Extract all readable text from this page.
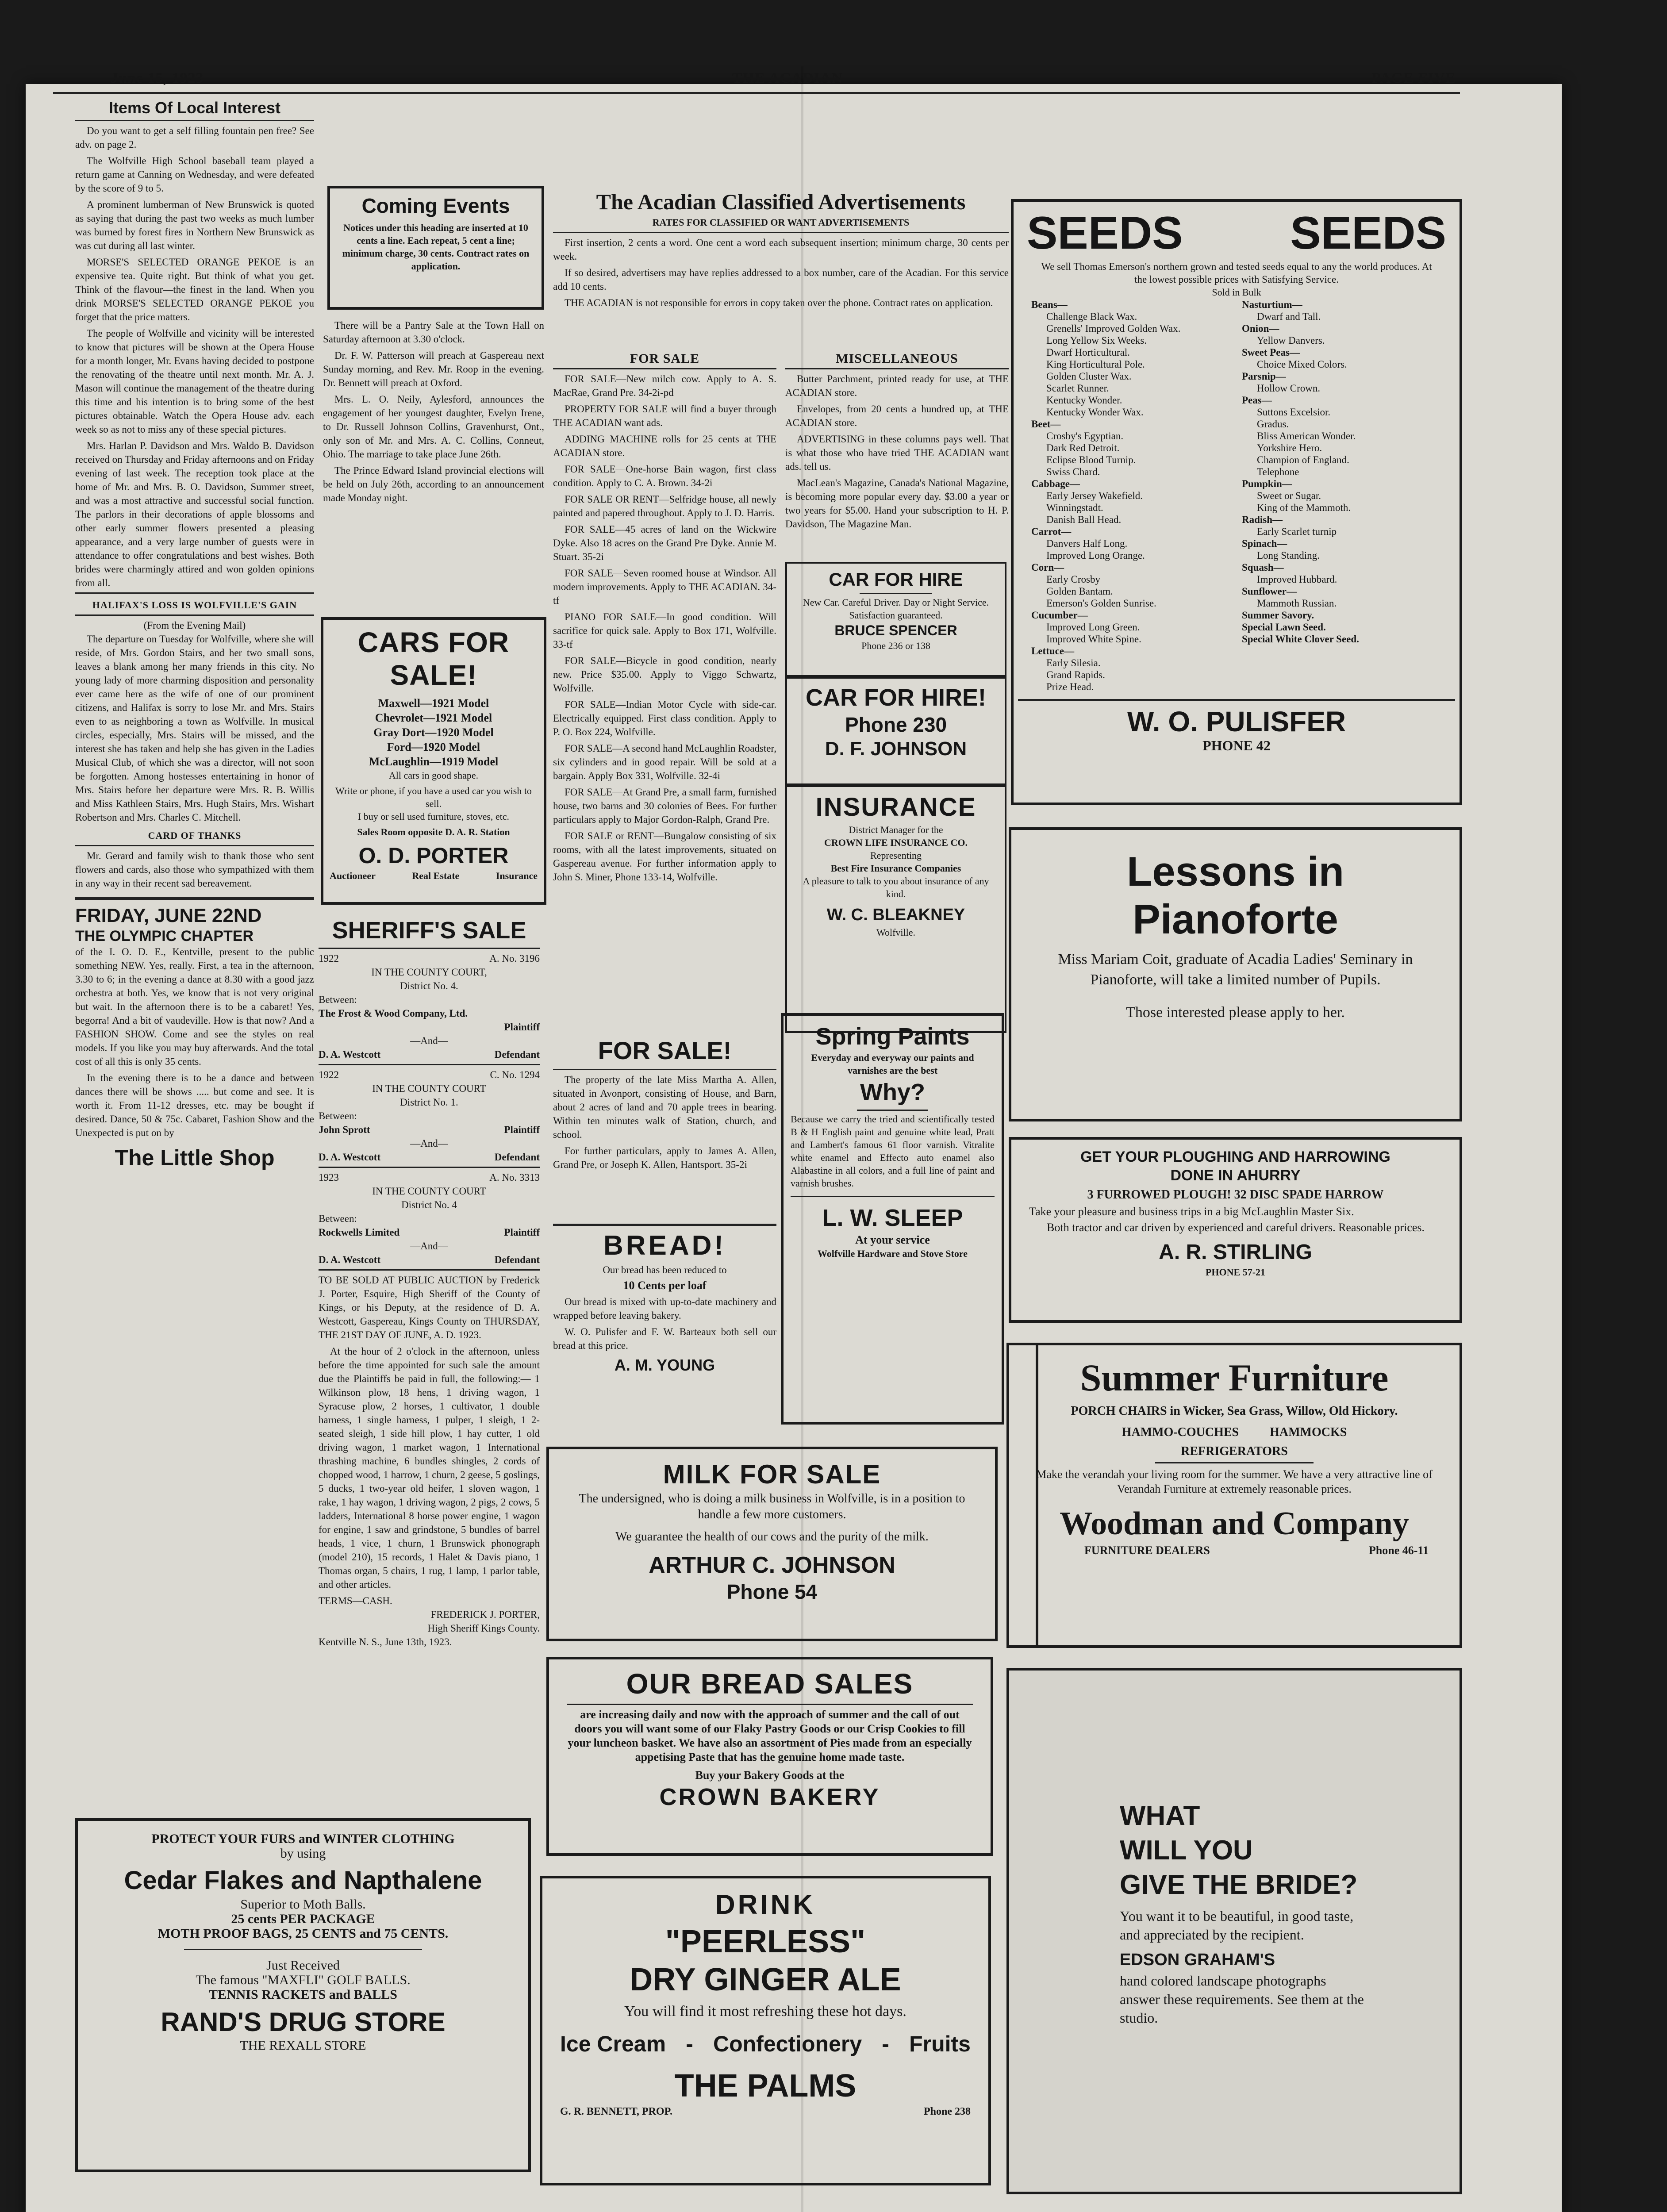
June 15, 1923	THE ACADIAN	PAGE FIVE
Items Of Local Interest

Do you want to get a self filling fountain pen free? See adv. on page 2.

The Wolfville High School baseball team played a return game at Canning on Wednesday, and were defeated by the score of 9 to 5.

A prominent lumberman of New Brunswick is quoted as saying that during the past two weeks as much lumber was burned by forest fires in Northern New Brunswick as was cut during all last winter.

MORSE'S SELECTED ORANGE PEKOE is an expensive tea. Quite right. But think of what you get. Think of the flavour—the finest in the land. When you drink MORSE'S SELECTED ORANGE PEKOE you forget that the price matters.

The people of Wolfville and vicinity will be interested to know that pictures will be shown at the Opera House for a month longer, Mr. Evans having decided to postpone the renovating of the theatre until next month. Mr. A. J. Mason will continue the management of the theatre during this time and his intention is to bring some of the best pictures obtainable. Watch the Opera House adv. each week so as not to miss any of these special pictures.

Mrs. Harlan P. Davidson and Mrs. Waldo B. Davidson received on Thursday and Friday afternoons and on Friday evening of last week. The reception took place at the home of Mr. and Mrs. B. O. Davidson, Summer street, and was a most attractive and successful social function. The parlors in their decorations of apple blossoms and other early summer flowers presented a pleasing appearance, and a very large number of guests were in attendance to offer congratulations and best wishes. Both brides were charmingly attired and won golden opinions from all.

HALIFAX'S LOSS IS WOLFVILLE'S GAIN
(From the Evening Mail)

The departure on Tuesday for Wolfville, where she will reside, of Mrs. Gordon Stairs, and her two small sons, leaves a blank among her many friends in this city. No young lady of more charming disposition and personality ever came here as the wife of one of our prominent citizens, and Halifax is sorry to lose Mr. and Mrs. Stairs even to as neighboring a town as Wolfville. In musical circles, especially, Mrs. Stairs will be missed, and the interest she has taken and help she has given in the Ladies Musical Club, of which she was a director, will not soon be forgotten. Among hostesses entertaining in honor of Mrs. Stairs before her departure were Mrs. R. B. Willis and Miss Kathleen Stairs, Mrs. Hugh Stairs, Mrs. Wishart Robertson and Mrs. Charles C. Mitchell.

CARD OF THANKS

Mr. Gerard and family wish to thank those who sent flowers and cards, also those who sympathized with them in any way in their recent sad bereavement.

FRIDAY, JUNE 22ND
THE OLYMPIC CHAPTER

of the I. O. D. E., Kentville, present to the public something NEW. Yes, really. First, a tea in the afternoon, 3.30 to 6; in the evening a dance at 8.30 with a good jazz orchestra at both. Yes, we know that is not very original but wait. In the afternoon there is to be a cabaret! Yes, begorra! And a bit of vaudeville. How is that now? And a FASHION SHOW. Come and see the styles on real models. If you like you may buy afterwards. And the total cost of all this is only 35 cents.

In the evening there is to be a dance and between dances there will be shows ..... but come and see. It is worth it. From 11-12 dresses, etc. may be bought if desired. Dance, 50 & 75c. Cabaret, Fashion Show and the Unexpected is put on by

The Little Shop
Coming Events
Notices under this heading are inserted at 10 cents a line. Each repeat, 5 cent a line; minimum charge, 30 cents. Contract rates on application.

There will be a Pantry Sale at the Town Hall on Saturday afternoon at 3.30 o'clock.

Dr. F. W. Patterson will preach at Gaspereau next Sunday morning, and Rev. Mr. Roop in the evening. Dr. Bennett will preach at Oxford.

Mrs. L. O. Neily, Aylesford, announces the engagement of her youngest daughter, Evelyn Irene, to Dr. Russell Johnson Collins, Gravenhurst, Ont., only son of Mr. and Mrs. A. C. Collins, Conneut, Ohio. The marriage to take place June 26th.

The Prince Edward Island provincial elections will be held on July 26th, according to an announcement made Monday night.

CARS FOR SALE!
Maxwell—1921 Model
Chevrolet—1921 Model
Gray Dort—1920 Model
Ford—1920 Model
McLaughlin—1919 Model
All cars in good shape.
Write or phone, if you have a used car you wish to sell.
I buy or sell used furniture, stoves, etc.
Sales Room opposite D. A. R. Station
O. D. PORTER
Auctioneer	Real Estate	Insurance
SHERIFF'S SALE
1922	A. No. 3196
IN THE COUNTY COURT,
District No. 4.
Between:
The Frost & Wood Company, Ltd.
Plaintiff
—And—
D. A. Westcott	Defendant
1922	C. No. 1294
IN THE COUNTY COURT
District No. 1.
Between:
John Sprott	Plaintiff
—And—
D. A. Westcott	Defendant
1923	A. No. 3313
IN THE COUNTY COURT
District No. 4
Between:
Rockwells Limited	Plaintiff
—And—
D. A. Westcott	Defendant

TO BE SOLD AT PUBLIC AUCTION by Frederick J. Porter, Esquire, High Sheriff of the County of Kings, or his Deputy, at the residence of D. A. Westcott, Gaspereau, Kings County on THURSDAY, THE 21ST DAY OF JUNE, A. D. 1923.

At the hour of 2 o'clock in the afternoon, unless before the time appointed for such sale the amount due the Plaintiffs be paid in full, the following:— 1 Wilkinson plow, 18 hens, 1 driving wagon, 1 Syracuse plow, 2 horses, 1 cultivator, 1 double harness, 1 single harness, 1 pulper, 1 sleigh, 1 2-seated sleigh, 1 side hill plow, 1 hay cutter, 1 old driving wagon, 1 market wagon, 1 International thrashing machine, 6 bundles shingles, 2 cords of chopped wood, 1 harrow, 1 churn, 2 geese, 5 goslings, 5 ducks, 1 two-year old heifer, 1 sloven wagon, 1 rake, 1 hay wagon, 1 driving wagon, 2 pigs, 2 cows, 5 ladders, International 8 horse power engine, 1 wagon for engine, 1 saw and grindstone, 5 bundles of barrel heads, 1 vice, 1 churn, 1 Brunswick phonograph (model 210), 15 records, 1 Halet & Davis piano, 1 Thomas organ, 5 chairs, 1 rug, 1 lamp, 1 parlor table, and other articles.

TERMS—CASH.
FREDERICK J. PORTER,
High Sheriff Kings County.
Kentville N. S., June 13th, 1923.
PROTECT YOUR FURS and WINTER CLOTHING
by using
Cedar Flakes and Napthalene
Superior to Moth Balls.
25 cents PER PACKAGE
MOTH PROOF BAGS, 25 CENTS and 75 CENTS.
Just Received
The famous "MAXFLI" GOLF BALLS.
TENNIS RACKETS and BALLS
RAND'S DRUG STORE
THE REXALL STORE
The Acadian Classified Advertisements
RATES FOR CLASSIFIED OR WANT ADVERTISEMENTS

First insertion, 2 cents a word. One cent a word each subsequent insertion; minimum charge, 30 cents per week.

If so desired, advertisers may have replies addressed to a box number, care of the Acadian. For this service add 10 cents.

THE ACADIAN is not responsible for errors in copy taken over the phone. Contract rates on application.

FOR SALE

FOR SALE—New milch cow. Apply to A. S. MacRae, Grand Pre. 34-2i-pd

PROPERTY FOR SALE will find a buyer through THE ACADIAN want ads.

ADDING MACHINE rolls for 25 cents at THE ACADIAN store.

FOR SALE—One-horse Bain wagon, first class condition. Apply to C. A. Brown. 34-2i

FOR SALE OR RENT—Selfridge house, all newly painted and papered throughout. Apply to J. D. Harris.

FOR SALE—45 acres of land on the Wickwire Dyke. Also 18 acres on the Grand Pre Dyke. Annie M. Stuart. 35-2i

FOR SALE—Seven roomed house at Windsor. All modern improvements. Apply to THE ACADIAN. 34-tf

PIANO FOR SALE—In good condition. Will sacrifice for quick sale. Apply to Box 171, Wolfville. 33-tf

FOR SALE—Bicycle in good condition, nearly new. Price $35.00. Apply to Viggo Schwartz, Wolfville.

FOR SALE—Indian Motor Cycle with side-car. Electrically equipped. First class condition. Apply to P. O. Box 224, Wolfville.

FOR SALE—A second hand McLaughlin Roadster, six cylinders and in good repair. Will be sold at a bargain. Apply Box 331, Wolfville. 32-4i

FOR SALE—At Grand Pre, a small farm, furnished house, two barns and 30 colonies of Bees. For further particulars apply to Major Gordon-Ralph, Grand Pre.

FOR SALE or RENT—Bungalow consisting of six rooms, with all the latest improvements, situated on Gaspereau avenue. For further information apply to John S. Miner, Phone 133-14, Wolfville.

MISCELLANEOUS

Butter Parchment, printed ready for use, at THE ACADIAN store.

Envelopes, from 20 cents a hundred up, at THE ACADIAN store.

ADVERTISING in these columns pays well. That is what those who have tried THE ACADIAN want ads. tell us.

MacLean's Magazine, Canada's National Magazine, is becoming more popular every day. $3.00 a year or two years for $5.00. Hand your subscription to H. P. Davidson, The Magazine Man.

CAR FOR HIRE
New Car. Careful Driver. Day or Night Service. Satisfaction guaranteed.
BRUCE SPENCER
Phone 236 or 138
CAR FOR HIRE!
Phone 230
D. F. JOHNSON
INSURANCE
District Manager for the
CROWN LIFE INSURANCE CO.
Representing
Best Fire Insurance Companies
A pleasure to talk to you about insurance of any kind.
W. C. BLEAKNEY
Wolfville.
FOR SALE!

The property of the late Miss Martha A. Allen, situated in Avonport, consisting of House, and Barn, about 2 acres of land and 70 apple trees in bearing. Within ten minutes walk of Station, church, and school.

For further particulars, apply to James A. Allen, Grand Pre, or Joseph K. Allen, Hantsport. 35-2i

BREAD!
Our bread has been reduced to
10 Cents per loaf

Our bread is mixed with up-to-date machinery and wrapped before leaving bakery.

W. O. Pulisfer and F. W. Barteaux both sell our bread at this price.

A. M. YOUNG
Spring Paints
Everyday and everyway our paints and varnishes are the best
Why?
Because we carry the tried and scientifically tested B & H English paint and genuine white lead, Pratt and Lambert's famous 61 floor varnish. Vitralite white enamel and Effecto auto enamel also Alabastine in all colors, and a full line of paint and varnish brushes.
L. W. SLEEP
At your service
Wolfville Hardware and Stove Store
MILK FOR SALE
The undersigned, who is doing a milk business in Wolfville, is in a position to handle a few more customers.
We guarantee the health of our cows and the purity of the milk.
ARTHUR C. JOHNSON
Phone 54
OUR BREAD SALES
are increasing daily and now with the approach of summer and the call of out doors you will want some of our Flaky Pastry Goods or our Crisp Cookies to fill your luncheon basket. We have also an assortment of Pies made from an especially appetising Paste that has the genuine home made taste.
Buy your Bakery Goods at the
CROWN BAKERY
DRINK
"PEERLESS"
DRY GINGER ALE
You will find it most refreshing these hot days.
Ice Cream - Confectionery - Fruits
THE PALMS
G. R. BENNETT, PROP.	Phone 238
SEEDS SEEDS
We sell Thomas Emerson's northern grown and tested seeds equal to any the world produces. At the lowest possible prices with Satisfying Service.
Sold in Bulk
Beans—
Challenge Black Wax.
Grenells' Improved Golden Wax.
Long Yellow Six Weeks.
Dwarf Horticultural.
King Horticultural Pole.
Golden Cluster Wax.
Scarlet Runner.
Kentucky Wonder.
Kentucky Wonder Wax.
Beet—
Crosby's Egyptian.
Dark Red Detroit.
Eclipse Blood Turnip.
Swiss Chard.
Cabbage—
Early Jersey Wakefield.
Winningstadt.
Danish Ball Head.
Carrot—
Danvers Half Long.
Improved Long Orange.
Corn—
Early Crosby
Golden Bantam.
Emerson's Golden Sunrise.
Cucumber—
Improved Long Green.
Improved White Spine.
Lettuce—
Early Silesia.
Grand Rapids.
Prize Head.
Nasturtium—
Dwarf and Tall.
Onion—
Yellow Danvers.
Sweet Peas—
Choice Mixed Colors.
Parsnip—
Hollow Crown.
Peas—
Suttons Excelsior.
Gradus.
Bliss American Wonder.
Yorkshire Hero.
Champion of England.
Telephone
Pumpkin—
Sweet or Sugar.
King of the Mammoth.
Radish—
Early Scarlet turnip
Spinach—
Long Standing.
Squash—
Improved Hubbard.
Sunflower—
Mammoth Russian.
Summer Savory.
Special Lawn Seed.
Special White Clover Seed.
W. O. PULISFER
PHONE 42
Lessons in
Pianoforte
Miss Mariam Coit, graduate of Acadia Ladies' Seminary in Pianoforte, will take a limited number of Pupils.
Those interested please apply to her.
GET YOUR PLOUGHING AND HARROWING
DONE IN AHURRY
3 FURROWED PLOUGH! 32 DISC SPADE HARROW
Take your pleasure and business trips in a big McLaughlin Master Six.
Both tractor and car driven by experienced and careful drivers. Reasonable prices.
A. R. STIRLING
PHONE 57-21
Summer Furniture
PORCH CHAIRS in Wicker, Sea Grass, Willow, Old Hickory.
HAMMO-COUCHES	HAMMOCKS
REFRIGERATORS
Make the verandah your living room for the summer. We have a very attractive line of Verandah Furniture at extremely reasonable prices.
Woodman and Company
FURNITURE DEALERS	Phone 46-11
WHAT
WILL YOU
GIVE THE BRIDE?
You want it to be beautiful, in good taste, and appreciated by the recipient.
EDSON GRAHAM'S
hand colored landscape photographs answer these requirements. See them at the studio.
